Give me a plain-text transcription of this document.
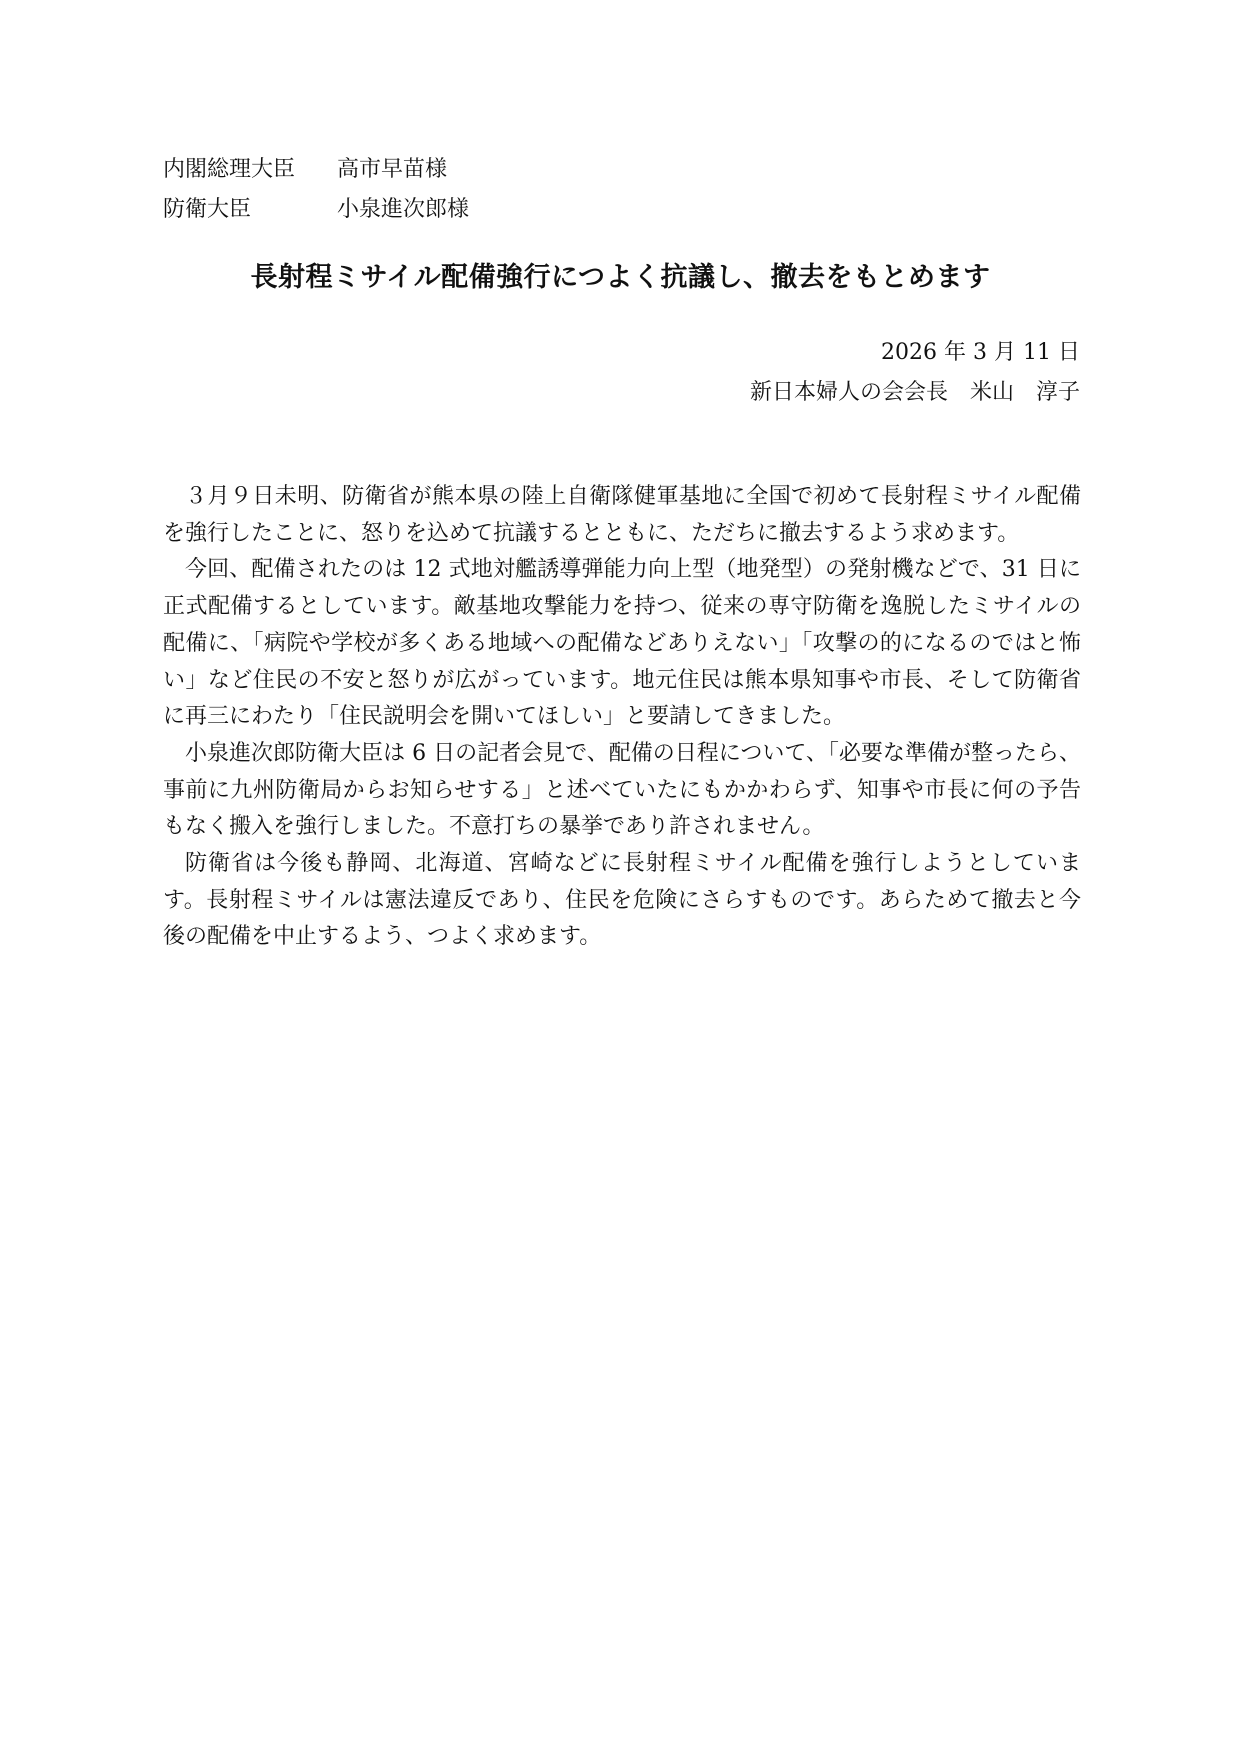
内閣総理大臣	高市早苗様
防衛大臣	小泉進次郎様
長射程ミサイル配備強行につよく抗議し、撤去をもとめます
2026 年 3 月 11 日
新日本婦人の会会長　米山　淳子

３月９日未明、防衛省が熊本県の陸上自衛隊健軍基地に全国で初めて長射程ミサイル配備を強行したことに、怒りを込めて抗議するとともに、ただちに撤去するよう求めます。

今回、配備されたのは 12 式地対艦誘導弾能力向上型（地発型）の発射機などで、31 日に正式配備するとしています。敵基地攻撃能力を持つ、従来の専守防衛を逸脱したミサイルの配備に、「病院や学校が多くある地域への配備などありえない」「攻撃の的になるのではと怖い」など住民の不安と怒りが広がっています。地元住民は熊本県知事や市長、そして防衛省に再三にわたり「住民説明会を開いてほしい」と要請してきました。

小泉進次郎防衛大臣は 6 日の記者会見で、配備の日程について、「必要な準備が整ったら、事前に九州防衛局からお知らせする」と述べていたにもかかわらず、知事や市長に何の予告もなく搬入を強行しました。不意打ちの暴挙であり許されません。

防衛省は今後も静岡、北海道、宮崎などに長射程ミサイル配備を強行しようとしています。長射程ミサイルは憲法違反であり、住民を危険にさらすものです。あらためて撤去と今後の配備を中止するよう、つよく求めます。
